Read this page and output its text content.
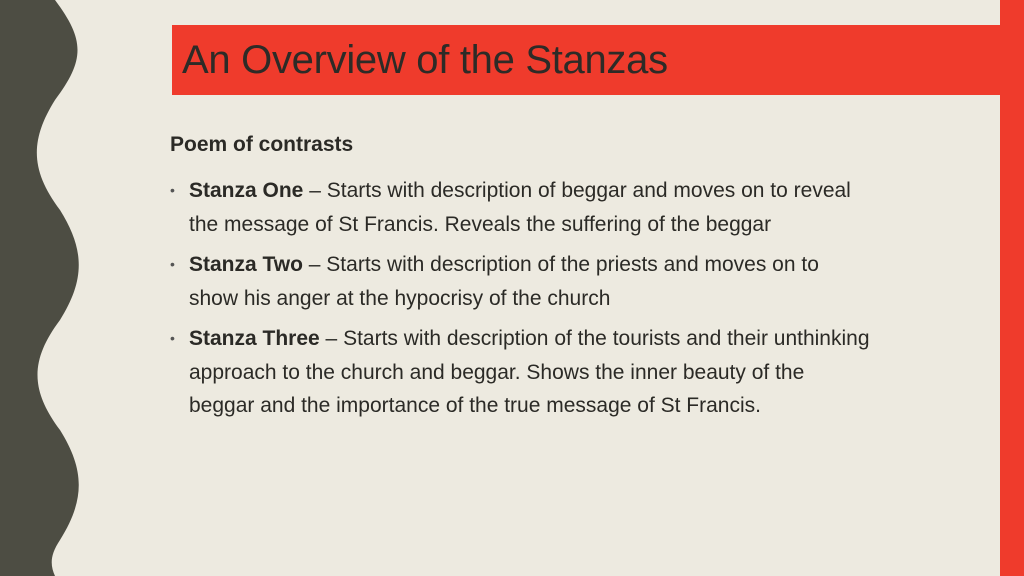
An Overview of the Stanzas

Poem of contrasts

• Stanza One – Starts with description of beggar and moves on to reveal the message of St Francis. Reveals the suffering of the beggar
• Stanza Two – Starts with description of the priests and moves on to show his anger at the hypocrisy of the church
• Stanza Three – Starts with description of the tourists and their unthinking approach to the church and beggar. Shows the inner beauty of the beggar and the importance of the true message of St Francis.
